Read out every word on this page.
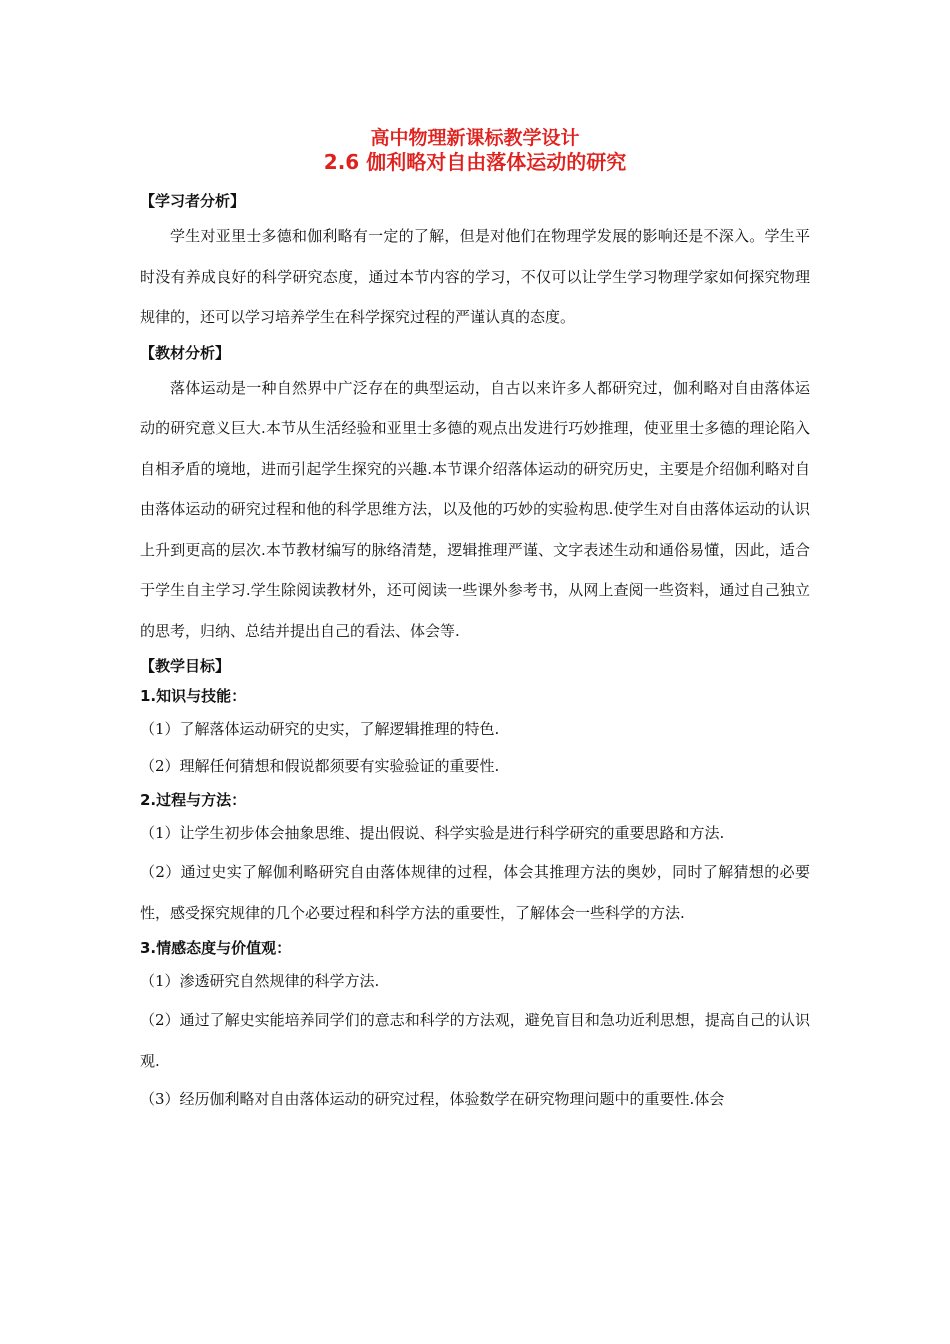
高中物理新课标教学设计
2.6 伽利略对自由落体运动的研究

【学习者分析】

学生对亚里士多德和伽利略有一定的了解，但是对他们在物理学发展的影响还是不深入。学生平时没有养成良好的科学研究态度，通过本节内容的学习，不仅可以让学生学习物理学家如何探究物理规律的，还可以学习培养学生在科学探究过程的严谨认真的态度。

【教材分析】

落体运动是一种自然界中广泛存在的典型运动，自古以来许多人都研究过，伽利略对自由落体运动的研究意义巨大.本节从生活经验和亚里士多德的观点出发进行巧妙推理，使亚里士多德的理论陷入自相矛盾的境地，进而引起学生探究的兴趣.本节课介绍落体运动的研究历史，主要是介绍伽利略对自由落体运动的研究过程和他的科学思维方法，以及他的巧妙的实验构思.使学生对自由落体运动的认识上升到更高的层次.本节教材编写的脉络清楚，逻辑推理严谨、文字表述生动和通俗易懂，因此，适合于学生自主学习.学生除阅读教材外，还可阅读一些课外参考书，从网上查阅一些资料，通过自己独立的思考，归纳、总结并提出自己的看法、体会等.

【教学目标】

1.知识与技能：

（1）了解落体运动研究的史实，了解逻辑推理的特色.

（2）理解任何猜想和假说都须要有实验验证的重要性.

2.过程与方法：

（1）让学生初步体会抽象思维、提出假说、科学实验是进行科学研究的重要思路和方法.

（2）通过史实了解伽利略研究自由落体规律的过程，体会其推理方法的奥妙，同时了解猜想的必要性，感受探究规律的几个必要过程和科学方法的重要性，了解体会一些科学的方法.

3.情感态度与价值观：

（1）渗透研究自然规律的科学方法.

（2）通过了解史实能培养同学们的意志和科学的方法观，避免盲目和急功近利思想，提高自己的认识观.

（3）经历伽利略对自由落体运动的研究过程，体验数学在研究物理问题中的重要性.体会
